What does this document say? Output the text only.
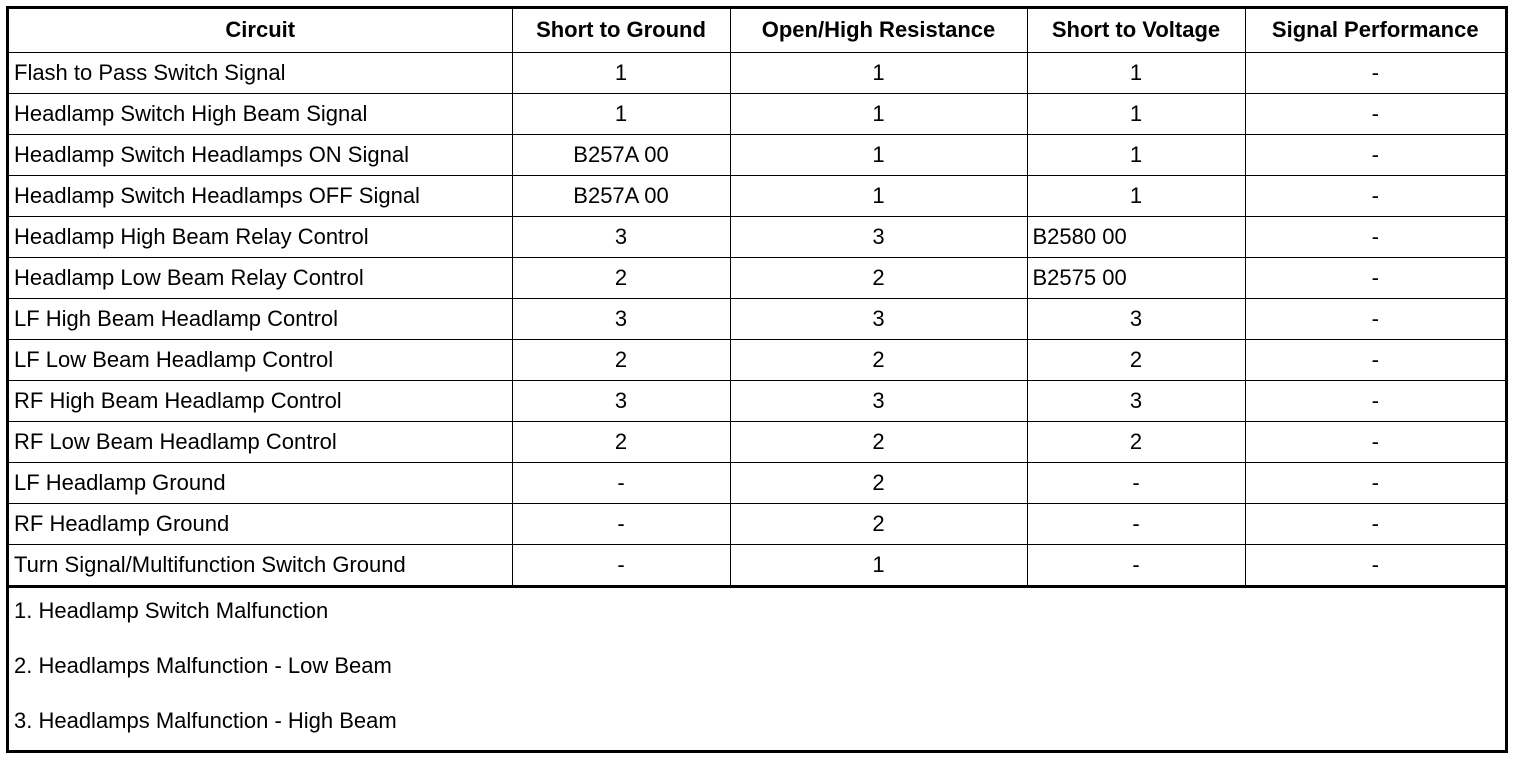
Circuit	Short to Ground	Open/High Resistance	Short to Voltage	Signal Performance
Flash to Pass Switch Signal	1	1	1	-
Headlamp Switch High Beam Signal	1	1	1	-
Headlamp Switch Headlamps ON Signal	B257A 00	1	1	-
Headlamp Switch Headlamps OFF Signal	B257A 00	1	1	-
Headlamp High Beam Relay Control	3	3	B2580 00	-
Headlamp Low Beam Relay Control	2	2	B2575 00	-
LF High Beam Headlamp Control	3	3	3	-
LF Low Beam Headlamp Control	2	2	2	-
RF High Beam Headlamp Control	3	3	3	-
RF Low Beam Headlamp Control	2	2	2	-
LF Headlamp Ground	-	2	-	-
RF Headlamp Ground	-	2	-	-
Turn Signal/Multifunction Switch Ground	-	1	-	-
1. Headlamp Switch Malfunction
2. Headlamps Malfunction - Low Beam
3. Headlamps Malfunction - High Beam
